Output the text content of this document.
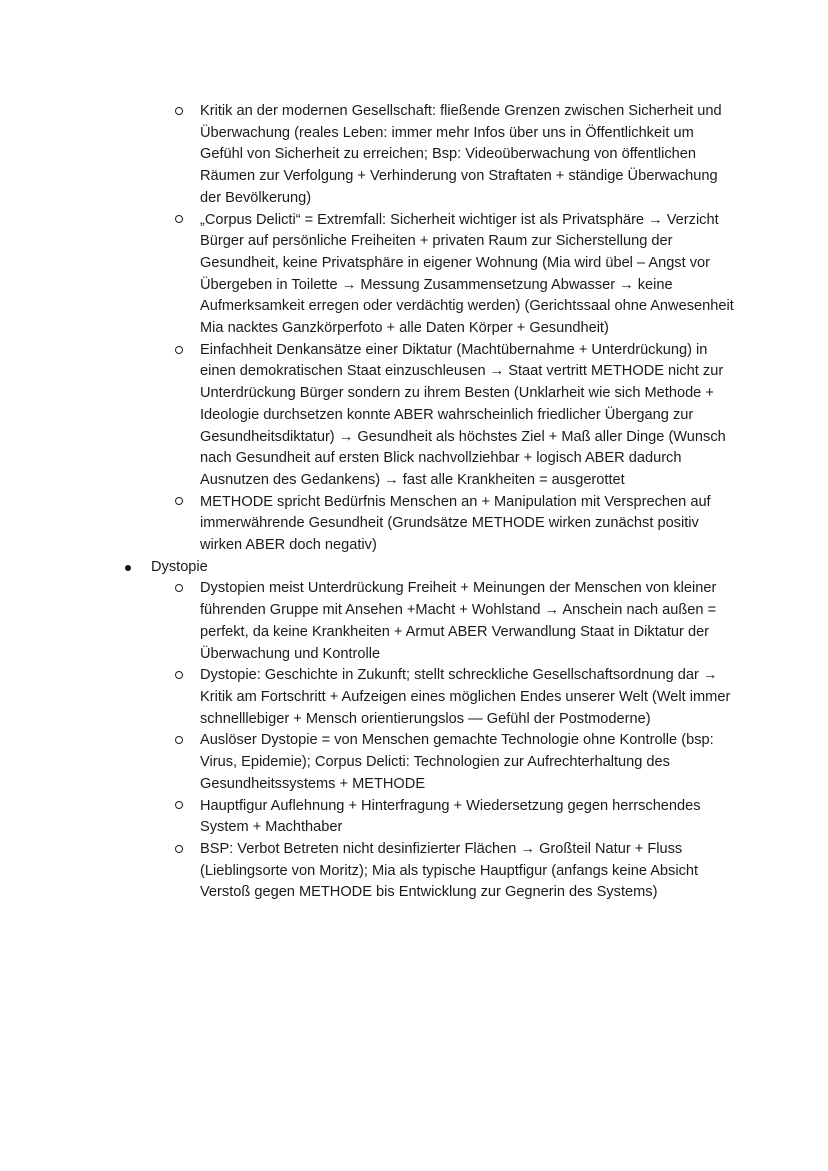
Kritik an der modernen Gesellschaft: fließende Grenzen zwischen Sicherheit und Überwachung (reales Leben: immer mehr Infos über uns in Öffentlichkeit um Gefühl von Sicherheit zu erreichen; Bsp: Videoüberwachung von öffentlichen Räumen zur Verfolgung + Verhinderung von Straftaten + ständige Überwachung der Bevölkerung)
„Corpus Delicti“ = Extremfall: Sicherheit wichtiger ist als Privatsphäre → Verzicht Bürger auf persönliche Freiheiten + privaten Raum zur Sicherstellung der Gesundheit, keine Privatsphäre in eigener Wohnung (Mia wird übel – Angst vor Übergeben in Toilette → Messung Zusammensetzung Abwasser → keine Aufmerksamkeit erregen oder verdächtig werden) (Gerichtssaal ohne Anwesenheit Mia nacktes Ganzkörperfoto + alle Daten Körper + Gesundheit)
Einfachheit Denkansätze einer Diktatur (Machtübernahme + Unterdrückung) in einen demokratischen Staat einzuschleusen → Staat vertritt METHODE nicht zur Unterdrückung Bürger sondern zu ihrem Besten (Unklarheit wie sich Methode + Ideologie durchsetzen konnte ABER wahrscheinlich friedlicher Übergang zur Gesundheitsdiktatur) → Gesundheit als höchstes Ziel + Maß aller Dinge (Wunsch nach Gesundheit auf ersten Blick nachvollziehbar + logisch ABER dadurch Ausnutzen des Gedankens) → fast alle Krankheiten = ausgerottet
METHODE spricht Bedürfnis Menschen an + Manipulation mit Versprechen auf immerwährende Gesundheit (Grundsätze METHODE wirken zunächst positiv wirken ABER doch negativ)
Dystopie
Dystopien meist Unterdrückung Freiheit + Meinungen der Menschen von kleiner führenden Gruppe mit Ansehen +Macht + Wohlstand → Anschein nach außen = perfekt, da keine Krankheiten + Armut ABER Verwandlung Staat in Diktatur der Überwachung und Kontrolle
Dystopie: Geschichte in Zukunft; stellt schreckliche Gesellschaftsordnung dar → Kritik am Fortschritt + Aufzeigen eines möglichen Endes unserer Welt (Welt immer schnelllebiger + Mensch orientierungslos — Gefühl der Postmoderne)
Auslöser Dystopie = von Menschen gemachte Technologie ohne Kontrolle (bsp: Virus, Epidemie); Corpus Delicti: Technologien zur Aufrechterhaltung des Gesundheitssystems + METHODE
Hauptfigur Auflehnung + Hinterfragung + Wiedersetzung gegen herrschendes System + Machthaber
BSP: Verbot Betreten nicht desinfizierter Flächen → Großteil Natur + Fluss (Lieblingsorte von Moritz); Mia als typische Hauptfigur (anfangs keine Absicht Verstoß gegen METHODE bis Entwicklung zur Gegnerin des Systems)
